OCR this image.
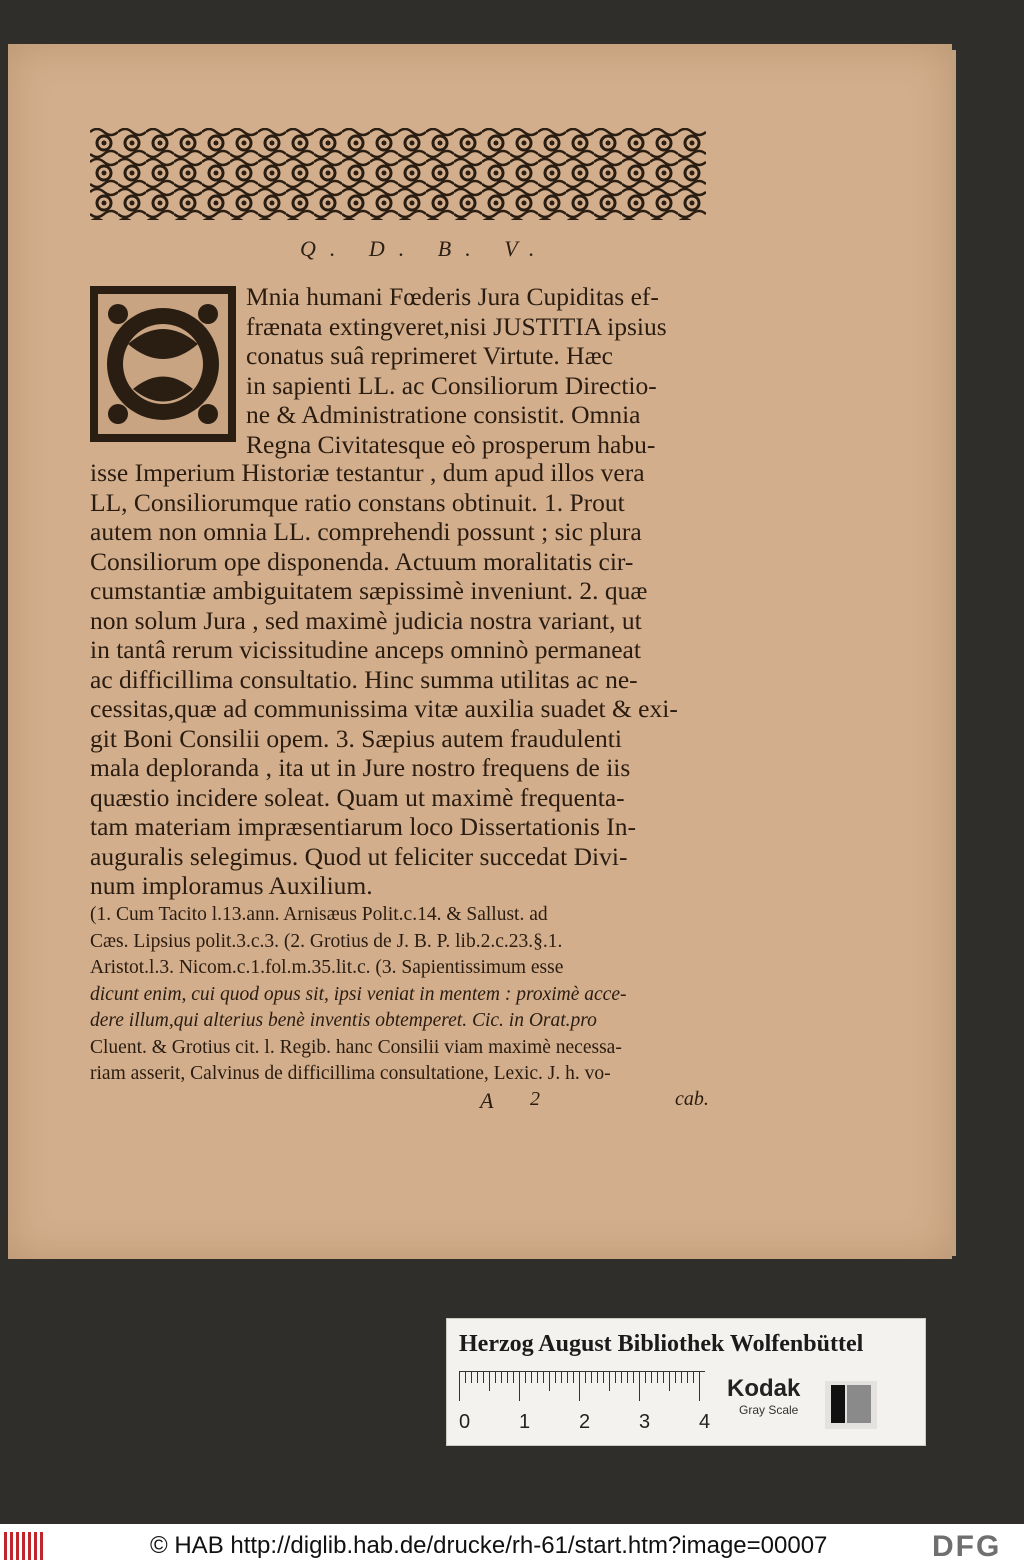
Q. D. B. V.
Mnia humani Fœderis Jura Cupiditas ef-
frænata extingveret,nisi JUSTITIA ipsius
conatus suâ reprimeret Virtute. Hæc
in sapienti LL. ac Consiliorum Directio-
ne & Administratione consistit. Omnia
Regna Civitatesque eò prosperum habu-
isse Imperium Historiæ testantur , dum apud illos vera
LL, Consiliorumque ratio constans obtinuit. 1. Prout
autem non omnia LL. comprehendi possunt ; sic plura
Consiliorum ope disponenda. Actuum moralitatis cir-
cumstantiæ ambiguitatem sæpissimè inveniunt. 2. quæ
non solum Jura , sed maximè judicia nostra variant, ut
in tantâ rerum vicissitudine anceps omninò permaneat
ac difficillima consultatio. Hinc summa utilitas ac ne-
cessitas,quæ ad communissima vitæ auxilia suadet & exi-
git Boni Consilii opem. 3. Sæpius autem fraudulenti
mala deploranda , ita ut in Jure nostro frequens de iis
quæstio incidere soleat. Quam ut maximè frequenta-
tam materiam impræsentiarum loco Dissertationis In-
auguralis selegimus. Quod ut feliciter succedat Divi-
num imploramus Auxilium.
(1. Cum Tacito l.13.ann. Arnisæus Polit.c.14. & Sallust. ad
Cæs. Lipsius polit.3.c.3. (2. Grotius de J. B. P. lib.2.c.23.§.1.
Aristot.l.3. Nicom.c.1.fol.m.35.lit.c. (3. Sapientissimum esse
dicunt enim, cui quod opus sit, ipsi veniat in mentem : proximè acce-
dere illum,qui alterius benè inventis obtemperet. Cic. in Orat.pro
Cluent. & Grotius cit. l. Regib. hanc Consilii viam maximè necessa-
riam asserit, Calvinus de difficillima consultatione, Lexic. J. h. vo-
A 2	cab.
Herzog August Bibliothek Wolfenbüttel
0 1 2 3 4
Kodak
Gray Scale
© HAB http://diglib.hab.de/drucke/rh-61/start.htm?image=00007	DFG
